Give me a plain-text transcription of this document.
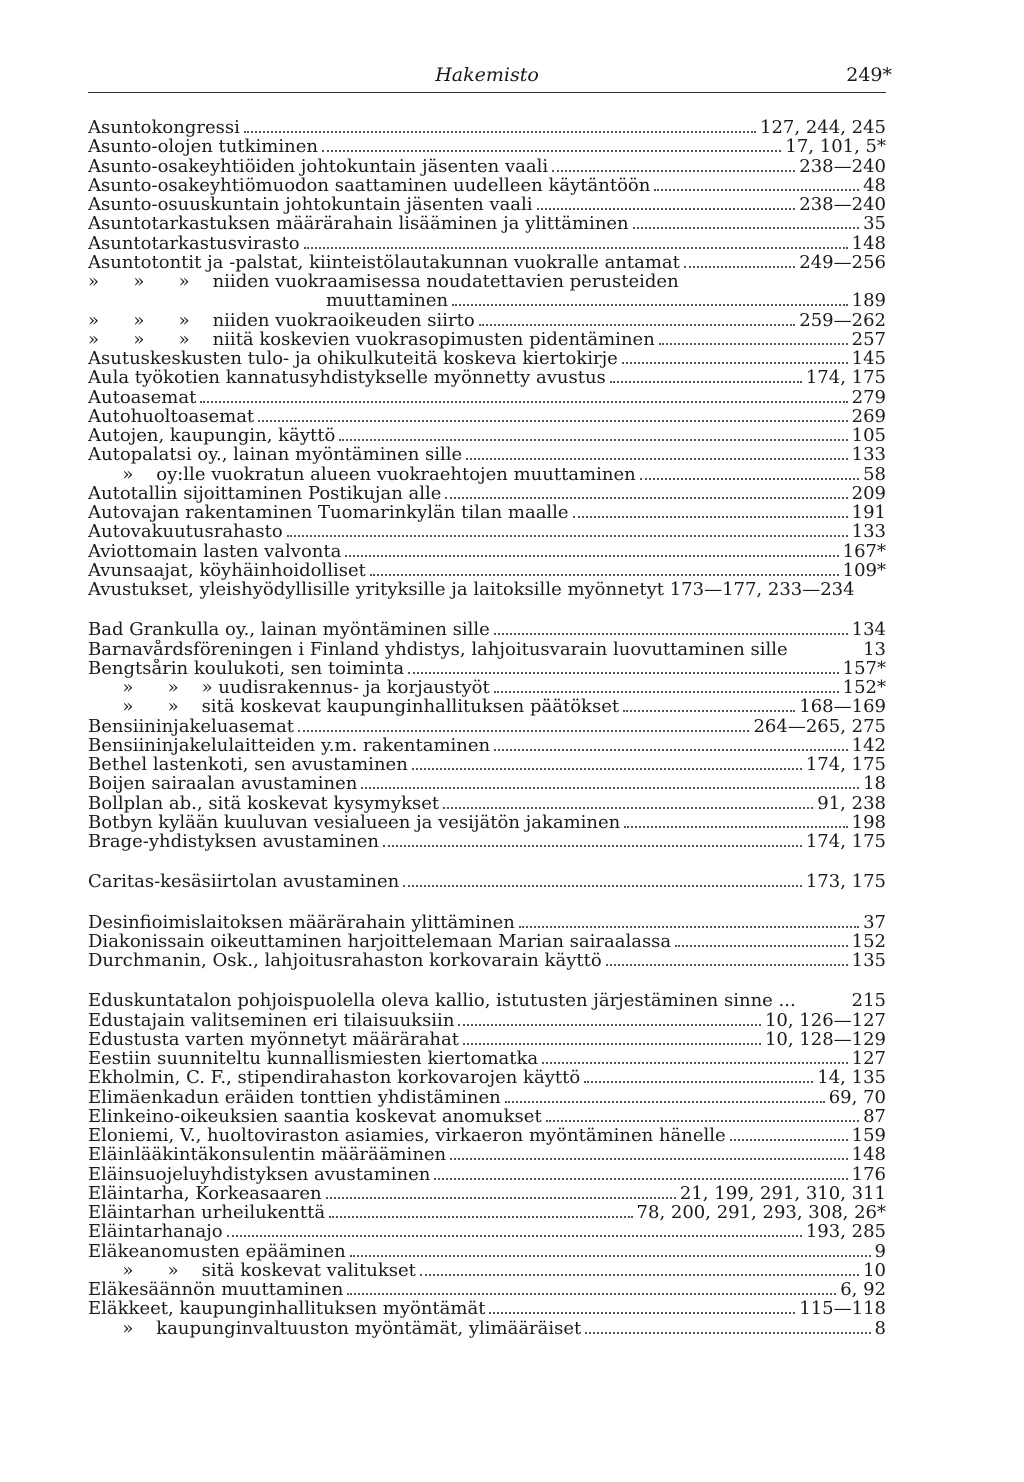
Hakemisto	249*
Asuntokongressi	127, 244, 245
Asunto-olojen tutkiminen	17, 101, 5*
Asunto-osakeyhtiöiden johtokuntain jäsenten vaali	238—240
Asunto-osakeyhtiömuodon saattaminen uudelleen käytäntöön	48
Asunto-osuuskuntain johtokuntain jäsenten vaali	238—240
Asuntotarkastuksen määrärahain lisääminen ja ylittäminen	35
Asuntotarkastusvirasto	148
Asuntotontit ja -palstat, kiinteistölautakunnan vuokralle antamat	249—256
»      »      »    niiden vuokraamisessa noudatettavien perusteiden
muuttaminen	189
»      »      »    niiden vuokraoikeuden siirto	259—262
»      »      »    niitä koskevien vuokrasopimusten pidentäminen	257
Asutuskeskusten tulo- ja ohikulkuteitä koskeva kiertokirje	145
Aula työkotien kannatusyhdistykselle myönnetty avustus	174, 175
Autoasemat	279
Autohuoltoasemat	269
Autojen, kaupungin, käyttö	105
Autopalatsi oy., lainan myöntäminen sille	133
»    oy:lle vuokratun alueen vuokraehtojen muuttaminen	58
Autotallin sijoittaminen Postikujan alle	209
Autovajan rakentaminen Tuomarinkylän tilan maalle	191
Autovakuutusrahasto	133
Aviottomain lasten valvonta	167*
Avunsaajat, köyhäinhoidolliset	109*
Avustukset, yleishyödyllisille yrityksille ja laitoksille myönnetyt 173—177, 233—234
Bad Grankulla oy., lainan myöntäminen sille	134
Barnavårdsföreningen i Finland yhdistys, lahjoitusvarain luovuttaminen sille	13
Bengtsårin koulukoti, sen toiminta	157*
»      »    » uudisrakennus- ja korjaustyöt	152*
»      »    sitä koskevat kaupunginhallituksen päätökset	168—169
Bensiininjakeluasemat	264—265, 275
Bensiininjakelulaitteiden y.m. rakentaminen	142
Bethel lastenkoti, sen avustaminen	174, 175
Boijen sairaalan avustaminen	18
Bollplan ab., sitä koskevat kysymykset	91, 238
Botbyn kylään kuuluvan vesialueen ja vesijätön jakaminen	198
Brage-yhdistyksen avustaminen	174, 175
Caritas-kesäsiirtolan avustaminen	173, 175
Desinfioimislaitoksen määrärahain ylittäminen	37
Diakonissain oikeuttaminen harjoittelemaan Marian sairaalassa	152
Durchmanin, Osk., lahjoitusrahaston korkovarain käyttö	135
Eduskuntatalon pohjoispuolella oleva kallio, istutusten järjestäminen sinne ...	215
Edustajain valitseminen eri tilaisuuksiin	10, 126—127
Edustusta varten myönnetyt määrärahat	10, 128—129
Eestiin suunniteltu kunnallismiesten kiertomatka	127
Ekholmin, C. F., stipendirahaston korkovarojen käyttö	14, 135
Elimäenkadun eräiden tonttien yhdistäminen	69, 70
Elinkeino-oikeuksien saantia koskevat anomukset	87
Eloniemi, V., huoltoviraston asiamies, virkaeron myöntäminen hänelle	159
Eläinlääkintäkonsulentin määrääminen	148
Eläinsuojeluyhdistyksen avustaminen	176
Eläintarha, Korkeasaaren	21, 199, 291, 310, 311
Eläintarhan urheilukenttä	78, 200, 291, 293, 308, 26*
Eläintarhanajo	193, 285
Eläkeanomusten epääminen	9
»      »    sitä koskevat valitukset	10
Eläkesäännön muuttaminen	6, 92
Eläkkeet, kaupunginhallituksen myöntämät	115—118
»    kaupunginvaltuuston myöntämät, ylimääräiset	8
